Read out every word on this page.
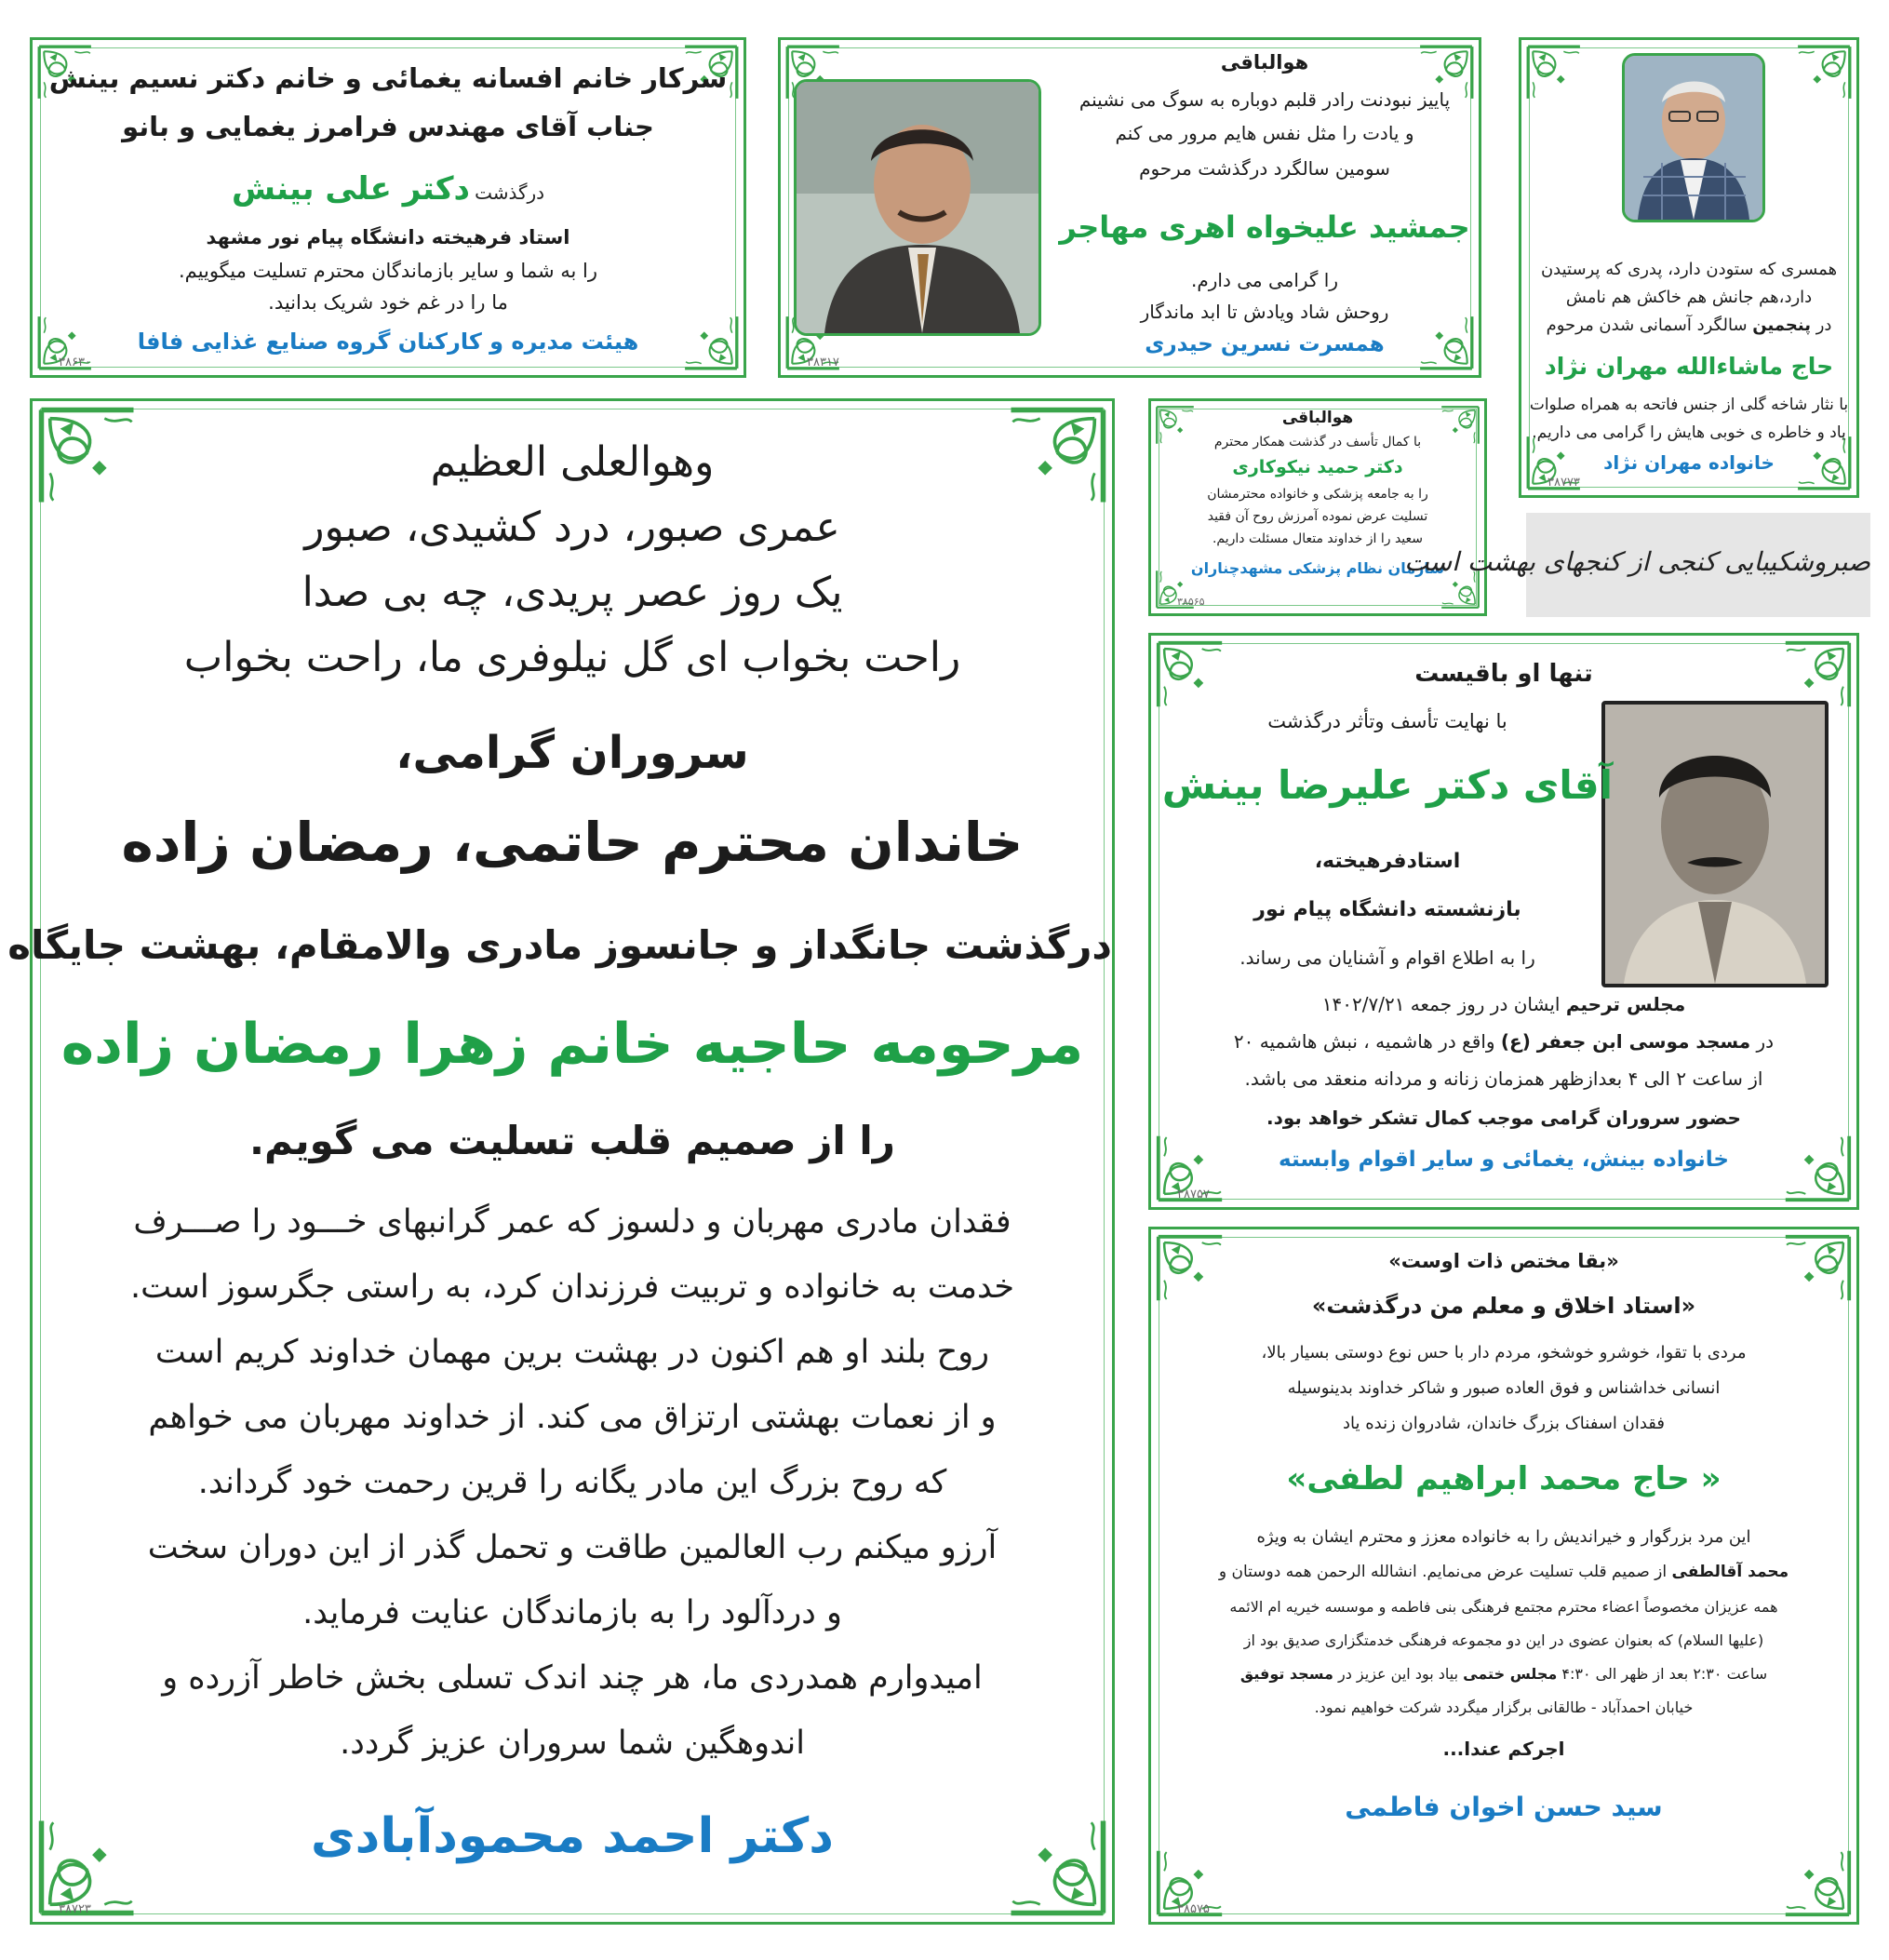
سرکار خانم افسانه یغمائی و خانم دکتر نسیم بینش
جناب آقای مهندس فرامرز یغمایی و بانو
درگذشت دکتر علی بینش
استاد فرهیخته دانشگاه پیام نور مشهد
را به شما و سایر بازماندگان محترم تسلیت میگوییم.
ما را در غم خود شریک بدانید.
هیئت مدیره و کارکنان گروه صنایع غذایی فافا
۳۸۶۳۰
هوالباقی
پاییز نبودنت رادر قلبم دوباره به سوگ می نشینم
و یادت را مثل نفس هایم مرور می کنم
سومین سالگرد درگذشت مرحوم
جمشید علیخواه اهری مهاجر
را گرامی می دارم.
روحش شاد ویادش تا ابد ماندگار
همسرت نسرین حیدری
۳۸۳۱۷
همسری که ستودن دارد، پدری که پرستیدن
دارد،هم جانش هم خاکش هم نامش
در پنجمین سالگرد آسمانی شدن مرحوم
حاج ماشاءالله مهران نژاد
با نثار شاخه گلی از جنس فاتحه به همراه صلوات
یاد و خاطره ی خوبی هایش را گرامی می داریم.
خانواده مهران نژاد
۳۸۷۷۳
وهوالعلی العظیم
عمری صبور، درد کشیدی، صبور
یک روز عصر پریدی، چه بی صدا
راحت بخواب ای گل نیلوفری ما، راحت بخواب
سروران گرامی،
خاندان محترم حاتمی، رمضان زاده
درگذشت جانگداز و جانسوز مادری والامقام، بهشت جایگاه
مرحومه حاجیه خانم زهرا رمضان زاده
را از صمیم قلب تسلیت می گویم.
فقدان مادری مهربان و دلسوز که عمر گرانبهای خـــود را صـــرف
خدمت به خانواده و تربیت فرزندان کرد، به راستی جگرسوز است.
روح بلند او هم اکنون در بهشت برین مهمان خداوند کریم است
و از نعمات بهشتی ارتزاق می کند. از خداوند مهربان می خواهم
که روح بزرگ این مادر یگانه را قرین رحمت خود گرداند.
آرزو میکنم رب العالمین طاقت و تحمل گذر از این دوران سخت
و دردآلود را به بازماندگان عنایت فرماید.
امیدوارم همدردی ما، هر چند اندک تسلی بخش خاطر آزرده و
اندوهگین شما سروران عزیز گردد.
دکتر احمد محمودآبادی
۳۸۷۲۳
هوالباقی
با کمال تأسف در گذشت همکار محترم
دکتر حمید نیکوکاری
را به جامعه پزشکی و خانواده محترمشان
تسلیت عرض نموده آمرزش روح آن فقید
سعید را از خداوند متعال مسئلت داریم.
سازمان نظام پزشکی مشهدچناران
۳۸۵۶۵
صبروشکیبایی کنجی از کنجهای بهشت است
تنها او باقیست
با نهایت تأسف وتأثر درگذشت
آقای دکتر علیرضا بینش
استادفرهیخته،
بازنشسته دانشگاه پیام نور
را به اطلاع اقوام و آشنایان می رساند.
مجلس ترحیم ایشان در روز جمعه ۱۴۰۲/۷/۲۱
در مسجد موسی ابن جعفر (ع) واقع در هاشمیه ، نبش هاشمیه ۲۰
از ساعت ۲ الی ۴ بعدازظهر همزمان زنانه و مردانه منعقد می باشد.
حضور سروران گرامی موجب کمال تشکر خواهد بود.
خانواده بینش، یغمائی و سایر اقوام وابسته
۳۸۷۵۷
«بقا مختص ذات اوست»
«استاد اخلاق و معلم من درگذشت»
مردی با تقوا، خوشرو خوشخو، مردم دار با حس نوع دوستی بسیار بالا،
انسانی خداشناس و فوق العاده صبور و شاکر خداوند بدینوسیله
فقدان اسفناک بزرگ خاندان، شادروان زنده یاد
« حاج محمد ابراهیم لطفی»
این مرد بزرگوار و خیراندیش را به خانواده معزز و محترم ایشان به ویژه
محمد آقالطفی از صمیم قلب تسلیت عرض می‌نمایم. انشالله الرحمن همه دوستان و
همه عزیزان مخصوصاً اعضاء محترم مجتمع فرهنگی بنی فاطمه و موسسه خیریه ام الائمه
(علیها السلام) که بعنوان عضوی در این دو مجموعه فرهنگی خدمتگزاری صدیق بود از
ساعت ۲:۳۰ بعد از ظهر الی ۴:۳۰ مجلس ختمی بیاد بود این عزیز در مسجد توفیق
خیابان احمدآباد - طالقانی برگزار میگردد شرکت خواهیم نمود.
اجرکم عندا...
سید حسن اخوان فاطمی
۳۸۵۷۵
